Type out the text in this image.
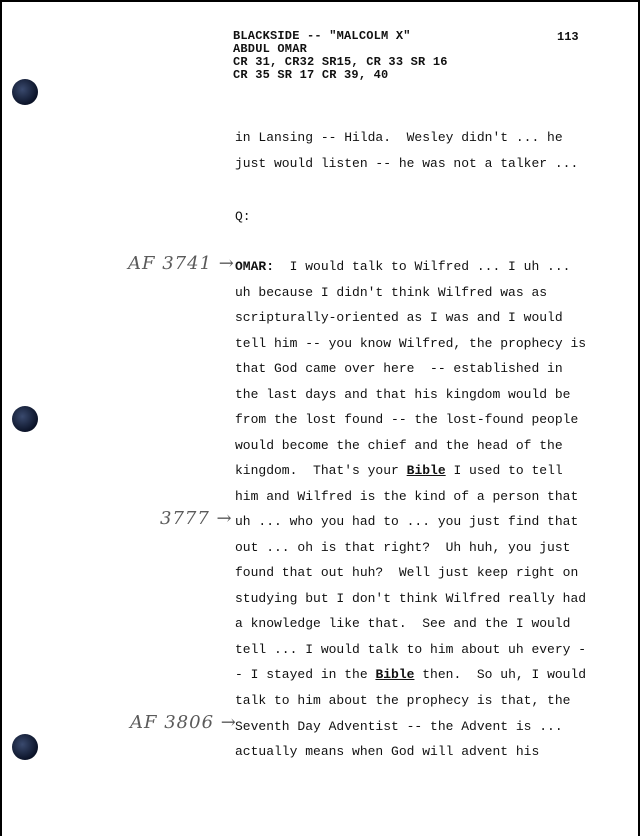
BLACKSIDE -- "MALCOLM X"
ABDUL OMAR
CR 31, CR32 SR15, CR 33 SR 16
CR 35 SR 17 CR 39, 40
113
AF 3741 →
3777 →
AF 3806 →
in Lansing -- Hilda.  Wesley didn't ... he
just would listen -- he was not a talker ...
Q:
OMAR:  I would talk to Wilfred ... I uh ...
uh because I didn't think Wilfred was as
scripturally-oriented as I was and I would
tell him -- you know Wilfred, the prophecy is
that God came over here  -- established in
the last days and that his kingdom would be
from the lost found -- the lost-found people
would become the chief and the head of the
kingdom.  That's your Bible I used to tell
him and Wilfred is the kind of a person that
uh ... who you had to ... you just find that
out ... oh is that right?  Uh huh, you just
found that out huh?  Well just keep right on
studying but I don't think Wilfred really had
a knowledge like that.  See and the I would
tell ... I would talk to him about uh every -
- I stayed in the Bible then.  So uh, I would
talk to him about the prophecy is that, the
Seventh Day Adventist -- the Advent is ...
actually means when God will advent his
